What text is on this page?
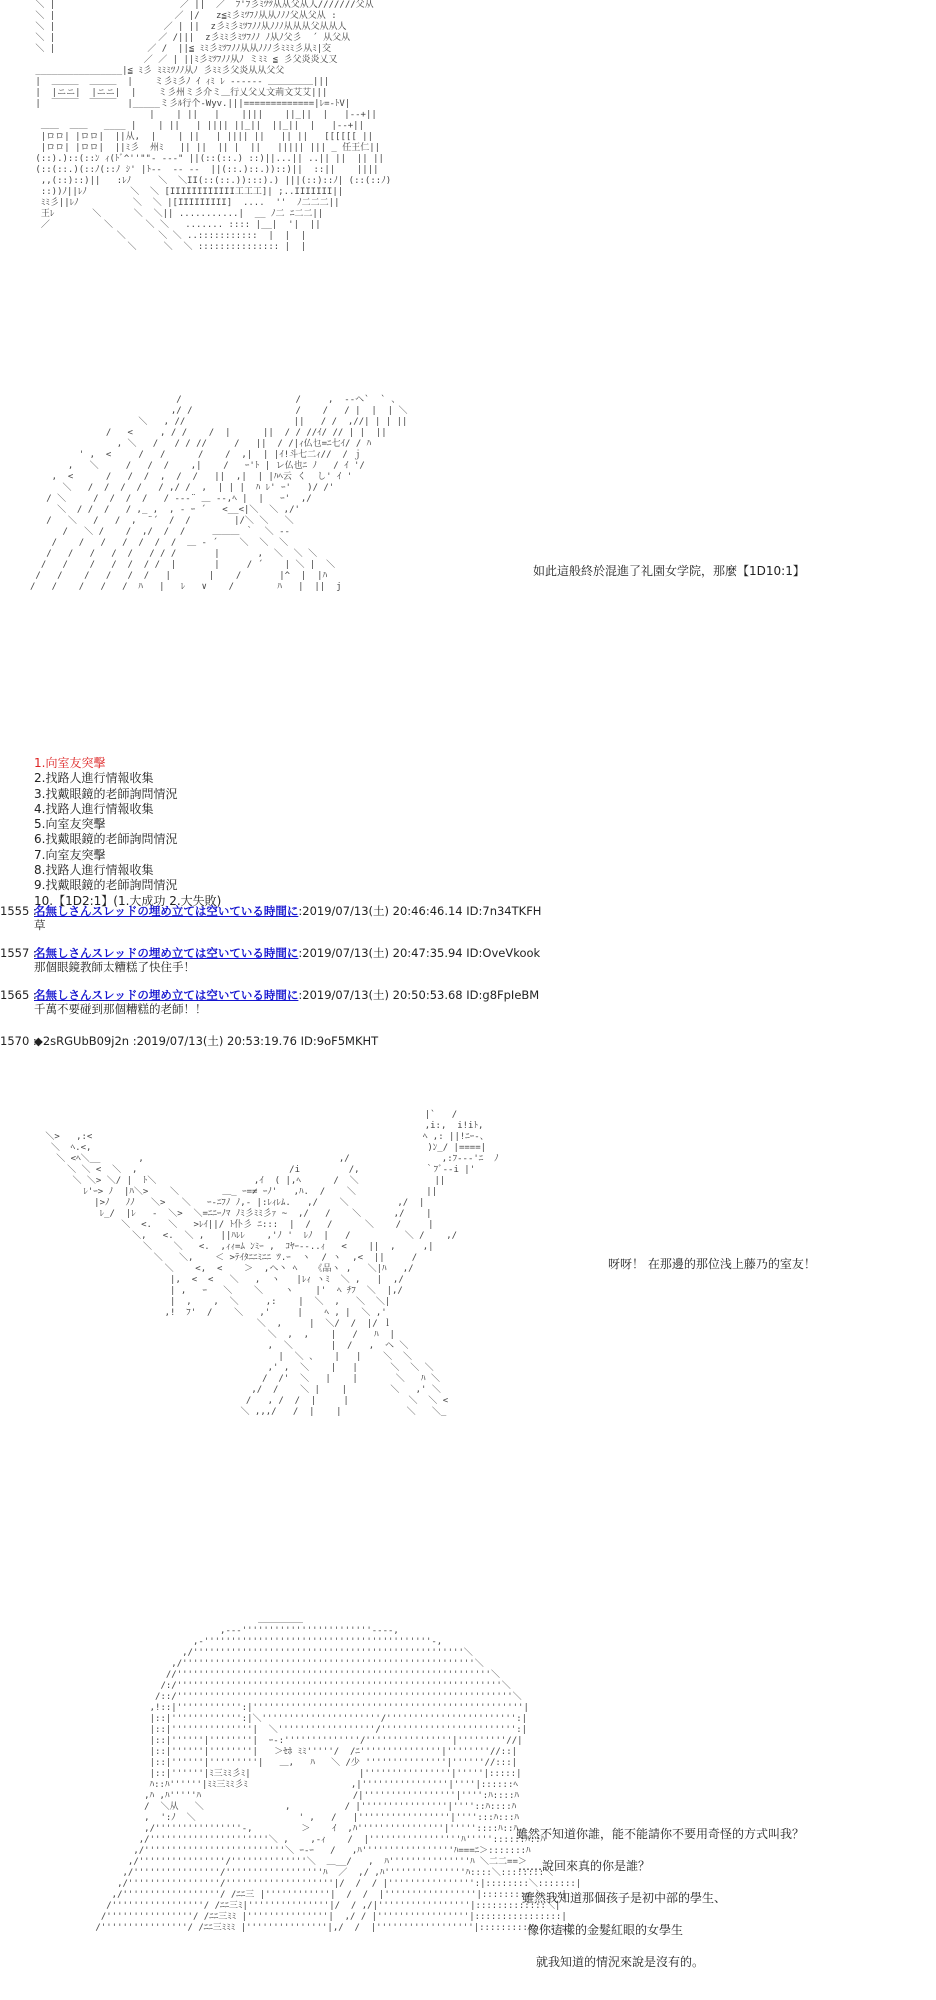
＼ |                       ／ ||  ／  ﾌ'ﾌ彡ﾐﾂﾂ从从父从人///////父从
＼ |                      ／ |/   z≦ﾐ彡ﾐﾂﾌﾉ从从ﾉﾉﾉ父从父从 :
＼ |                    ／ | ||  z彡ﾐ彡ﾐﾂﾌﾉﾉ从ﾉﾉﾉ从从从父从从人
＼ |                   ／ /|||  z彡ﾐﾐ彡ﾐﾂﾌﾉﾉ ﾉ从ﾉ父彡  ´ 从父从
＼ |                 ／ /  ||≦ ﾐﾐ彡ﾐﾂﾌﾉﾉ从从ﾉﾉﾉ彡ﾐﾐﾐ彡从ﾐ|交
／ ／ | ||ﾐ彡ﾐﾂﾌﾉﾉ从ﾉ ミﾐﾐ ≦ 彡父炎炎乂又
________________|≦ ﾐ彡 ﾐﾐﾐﾂﾉﾉ从ﾉ 彡ﾐﾐ彡父炎从从父父
|  ＿＿＿  ＿＿＿  |    ミ彡ﾐ彡ﾉ ｲ ｨﾐ ﾚ ------ ＿＿＿＿＿|||
|  |ニニ|  |ニニ|  |    ミ彡州ミ彡介ミ＿行乂父乂文荊文艾艾|||
|  ￣￣￣  ￣￣￣  |_____ミ彡ﾙ行个-Wyv.|||=============|ﾚ=-ﾄV|
|    | ||   |    ||||    ||_||  |   |--+||
＿＿  ＿＿   ____ |    | ||   | |||| ||_||  ||_||  |   |--+||
|ロロ| |ロロ|  ||从,  |    | ||   | |||| ||   || ||   [[[[[[ ||
|ロロ| |ロロ|  ||ﾐ彡  州ﾐ   || ||  || |  ||   ||||| ||| _ 任王仁||
(::).)::(::ﾝ ｨ(ﾄﾞ^''""- ---" ||(::(::.) ::)||...|| ..|| ||  || ||
(::(::.)(::ﾉ(::ﾉ ｼ' |ﾄ--  -- --  ||(::.)::.))::)||  ::||    ||||
,,(::)::)||   :ﾚﾉ     ＼  ＼II(::(::.)):::).) |||(::)::ﾉ| (::(::ﾉ)
::))ﾉ||ﾚﾉ        ＼  ＼ [IIIIIIIIIIII工工工]| ;..IIIIIII||
ﾐﾐ彡||ﾚﾉ          ＼  ＼ |[IIIIIIIII]  ....  ''  ﾉ二二二||
王ﾚ       ＼      ＼  ＼|| ...........|  __ ﾉ二 ﾆ二二||
／          ＼      ＼ ＼   ....... :::: |__|  '|  ||
＼      ＼ ＼ ..:::::::::::  |  |  |
＼     ＼  ＼ ::::::::::::::: |  |

/                     /     ,  --ヘ`  ` 、
,/ /                   /    /   / |  |  | ＼
＼   , //                    ||   / /  ,//| | | ||
/   <     , / /    /  |      ||  / / //ｲ/ // | |  ||
, ＼   /   / / //     /   ||  / /|ｨ仏乜=ﾆ七ｲ/ / ﾊ
' ,  <     /   /      /    /  ,|  | |ｲ!斗七二ｨ//  / ｊ
,   ＼     /   /  /    ,|    /   ｰ'ﾄ | レ仏也ﾆ ﾉ   / ｲ '/
,  <      /   /  /  ,  /  /   ||  ,|  | |ﾊﾍ云 く  し' ｲ '
＼   /  /  /  /   / ,/ /  ,  | | |  ﾊ ﾚ' ｰ'   )/ /'
/ ＼     /  /  /  /   / --‐¨ ＿ --,ﾍ |  |   ｰ'  ,/
＼  / /  /   / ,_ ,  , ‐ ｰ ´   <__<|＼  ＼ ,/'
/   ＼   /   /  ,  ¨´  /  /        |/＼ ＼   ＼
/   ＼ /    /  ,/  /  /     ＿＿＿ ｀  ＼ -‐
/    /   /   /  /  /  /  ＿ ‐ ´    ＼  ＼  ＼
/   /   /   /  /   / / /       |       ,  ＼  ＼ ＼
/   /    /   /  /  / /  |       |     / ´    | ＼ |  ＼
/   /    /   /   /  /   |       |    /       |^  |  |ﾊ
/   /    /   /   /  ﾊ   |   ﾚ   ∨    /        ﾊ   |  ||  j

如此這般終於混進了礼園女学院，那麼【1D10:1】
1.向室友突擊
2.找路人進行情報收集
3.找戴眼鏡的老師詢問情況
4.找路人進行情報收集
5.向室友突擊
6.找戴眼鏡的老師詢問情況
7.向室友突擊
8.找路人進行情報收集
9.找戴眼鏡的老師詢問情況
10.【1D2:1】(1.大成功 2.大失敗)
1555 :名無しさんスレッドの埋め立ては空いている時間に:2019/07/13(土) 20:46:46.14 ID:7n34TKFH
草
1557 :名無しさんスレッドの埋め立ては空いている時間に:2019/07/13(土) 20:47:35.94 ID:OveVkook
那個眼鏡教師太糟糕了快住手！
1565 :名無しさんスレッドの埋め立ては空いている時間に:2019/07/13(土) 20:50:53.68 ID:g8FpIeBM
千萬不要碰到那個糟糕的老師！！
1570 :◆2sRGUbB09j2n :2019/07/13(土) 20:53:19.76 ID:9oF5MKHT
|`   /
,i:,  i!iﾄ,
＼>   ,:<                                                             ﾍ ,: ||!ﾆｰ-、
＼  ﾍ.<,                                                              )ﾝ_/ |====|
＼ <ﾍ＼__       ,                                    ,/                 ,:ﾌ---'ﾆ  ﾉ
＼ ＼ <  ＼  ,                            /i         /,            ｀ﾌﾞ--i |'
＼ ＼> ＼/ |  ﾄ＼                  ,ｲ  ( |,ﾍ      /  ＼              ||
ﾚ'ｰ> ﾉ  |ﾊ＼>    ＼        ＿_ ｰ=≠ ｰﾉ'   ,ﾊ.  /    ＼             ||
|>ﾉ   ﾉﾉ   ＼>   ＼   ｰ-ﾆﾌﾉ ﾉ,- |:ﾚｨﾚﾑ.   ,/    ＼         ,/  |
ﾚ_/  |ﾚ   -  ＼>  ＼=ﾆﾆｰﾉﾏ ﾉﾐ彡ﾐﾐ彡ｧ ~  ,/   /    ＼      ,/    |
＼  <.   ＼   >ﾚｲ||/ ﾄ仆彡 ﾆ:::  |  /   /      ＼    /     |
＼,   <.  ＼ ,   ||ﾊﾚﾚ    ,'ﾉ '  ﾚﾉ  |   /          ＼ /    ,/
＼    ＼   <.  ,ｨｨ=ﾑ ﾝﾐｰ ,  ｺﾔｰ--..ｨ   <    ||  ,     ,|
＼   ＼,    ＜ >ﾃｲﾀﾆﾆﾐﾆﾆ ﾂ.ｰ  ヽ  / ヽ  ,<  ||     /
＼    <,  <    ＞  ,ヘ丶 ﾍ   《品ヽ ,   ＼|ﾊ   ,/
|,  <  <   ＼   ,  ヽ   |ﾚｨ ヽﾐ  ＼ ,   |  ,/
| ,   ｰ   ＼    ＼    ヽ    |'  ﾍ ﾁﾌ  ＼  |,/
|  ,    ,  ＼     ,:    |  ＼  ,   ＼  ＼|
,!  ﾌ'  /    ＼   ,'     |    ﾍ , |  ＼ ,'
＼  ,     |  ＼/  /  |/ ｌ
＼  ,  ,    |   /   ﾊ  |
,  ＼       |  /   ,  ヘ ＼
|  ＼ 、   |   |    ＼  ＼
,' ,  ＼    |   |      ＼  ＼ ＼
/  /'  ＼   |    |       ＼   ﾊ ＼
,/  /    ＼ |    |        ＼   ,' ＼
/   , /  /  |     |           ＼  ＼ <
＼ ,,,/   /  |    |            ＼   ＼_

呀呀！ 在那邊的那位浅上藤乃的室友！
＿＿＿＿＿
,---''''''''''''''''''''''''----,
,-''''''''''''''''''''''''''''''''''''''''''-,
,/''''''''''''''''''''''''''''''''''''''''''''''''''＼
,/''''''''''''''''''''''''''''''''''''''''''''''''''''''＼
//''''''''''''''''''''''''''''''''''''''''''''''''''''''''''＼
/:/''''''''''''''''''''''''''''''''''''''''''''''''''''''''''''＼
/::/''''''''''''''''''''''''''''''''''''''''''''''''''''''''''''''＼
,!::|'''''''''''':|''''''''''''''''''''''''''''''''''''''''''''''''''|
|::|''''''''''''':|＼''''''''''''''''''''''/'''''''''''''''''''''''':|
|::|'''''''''''''''|  ＼''''''''''''''''''/''''''''''''''''''''''''':|
|::|''''''|''''''''|  ｰ-:''''''''''''''/''''''''''''''''|'''''''''//|
|::|''''''|''''''''|   ＞ｾﾎ ﾐﾐ'''''/  /ﾆ'''''''''''''''|''''''''//::|
|::|''''''|'''''''''|   ＿,   ﾊ   ＼ /少 '''''''''''''''|''''''//:::|
|::|''''''|ﾐ三ﾐﾐ彡ﾐ|                    |''''''''''''''''|'''''|:::::|
ﾊ::ﾊ''''''|ﾐﾐ三ﾐﾐ彡ﾐ                   ,|''''''''''''''''|''''|::::::ﾍ
,ﾊ ,ﾊ'''''ﾊ                            /|'''''''''''''''''|'''':ﾊ::::ﾊ
/  ＼从   ＼               ,          / |''''''''''''''''|''''::ﾊ::::ﾊ
,  ':ﾉ  ＼                   ' ,   /   |'''''''''''''''''|'''':::ﾊ:::ﾊ
,/''''''''''''''''-,         ＞    ｲ  ,ﾊ''''''''''''''''|'''''::::ﾊ::ﾊ
,/''''''''''''''''''''''＼ ,    ,-ｨ    /  |'''''''''''''''''ﾊ'''''::::::ﾊ::ﾊ
,/''''''''''''''''''''''''''＼ ｰ-ｰ   /   ,ﾊ'''''''''''''''''ﾊ===ﾆ＞:::::::ﾊ
,/''''''''''''''''/''''''''''''''＼  ＿__/   ,  ﾊ'''''''''''''''ﾊ ＼二二==＞
,/''''''''''''''''/''''''''''''''''''ﾊ  ／  ,/ ,ﾊ'''''''''''''''ﾊ::::＼::::::::＼
,/'''''''''''''''''/''''''''''''''''''''|/  /  / |'''''''''''''''':|::::::::＼:::::::|
,/''''''''''''''''''/ /ﾆﾆ三 |''''''''''''|  /  /  |'''''''''''''''''|::::::::::＼:::|
/'''''''''''''''''/ /ﾆﾆ三ﾐ|'''''''''''''''|/  / ,/|'''''''''''''''''|:::::::::::::＼|
/''''''''''''''''/ /ﾆﾆ三ﾐﾐ |'''''''''''''''|  ,/ / |'''''''''''''''''|::::::::::::::::|
/''''''''''''''''/ /ﾆﾆ三ﾐﾐﾐ |'''''''''''''''|,/  /  |''''''''''''''''''|::::::::::::::::|

雖然不知道你誰，能不能請你不要用奇怪的方式叫我？
……說回來真的你是誰？
雖然我知道那個孩子是初中部的學生、
像你這樣的金髮紅眼的女學生
就我知道的情況來說是沒有的。
